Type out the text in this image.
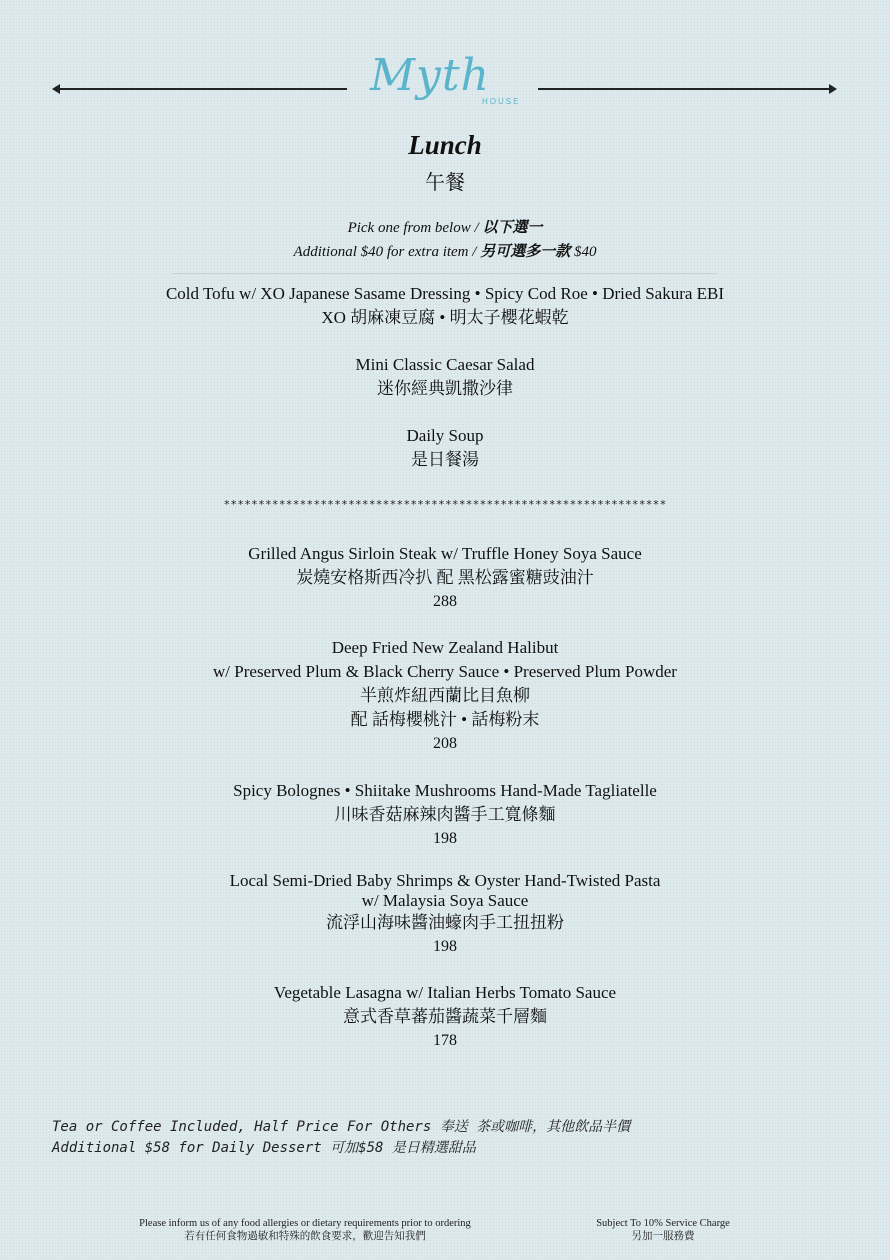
Myth
HOUSE
Lunch
午餐
Pick one from below / 以下選一
Additional $40 for extra item / 另可選多一款 $40
Cold Tofu w/ XO Japanese Sasame Dressing • Spicy Cod Roe • Dried Sakura EBI
XO 胡麻凍豆腐 • 明太子櫻花蝦乾
Mini Classic Caesar Salad
迷你經典凱撒沙律
Daily Soup
是日餐湯
****************************************************************
Grilled Angus Sirloin Steak w/ Truffle Honey Soya Sauce
炭燒安格斯西冷扒 配 黑松露蜜糖豉油汁
288
Deep Fried New Zealand Halibut
w/ Preserved Plum & Black Cherry Sauce • Preserved Plum Powder
半煎炸紐西蘭比目魚柳
配 話梅櫻桃汁 • 話梅粉末
208
Spicy Bolognes • Shiitake Mushrooms Hand-Made Tagliatelle
川味香菇麻辣肉醬手工寬條麵
198
Local Semi-Dried Baby Shrimps & Oyster Hand-Twisted Pasta
w/ Malaysia Soya Sauce
流浮山海味醬油蠔肉手工扭扭粉
198
Vegetable Lasagna w/ Italian Herbs Tomato Sauce
意式香草蕃茄醬蔬菜千層麵
178
Tea or Coffee Included, Half Price For Others 奉送 茶或咖啡，其他飲品半價
Additional $58 for Daily Dessert 可加$58 是日精選甜品
Please inform us of any food allergies or dietary requirements prior to ordering
若有任何食物過敏和特殊的飲食要求，歡迎告知我們
Subject To 10% Service Charge
另加一服務費
